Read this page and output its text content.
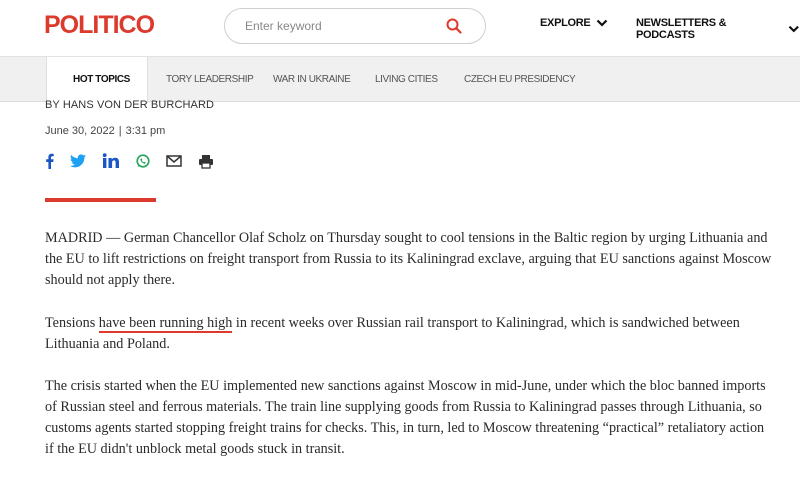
POLITICO
Enter keyword	EXPLORE	NEWSLETTERS & PODCASTS
HOT TOPICS	TORY LEADERSHIP WAR IN UKRAINE LIVING CITIES	CZECH EU PRESIDENCY
BY HANS VON DER BURCHARD
June 30, 2022 | 3:31 pm

MADRID — German Chancellor Olaf Scholz on Thursday sought to cool tensions in the Baltic region by urging Lithuania and the EU to lift restrictions on freight transport from Russia to its Kaliningrad exclave, arguing that EU sanctions against Moscow should not apply there.

Tensions have been running high in recent weeks over Russian rail transport to Kaliningrad, which is sandwiched between Lithuania and Poland.

The crisis started when the EU implemented new sanctions against Moscow in mid-June, under which the bloc banned imports of Russian steel and ferrous materials. The train line supplying goods from Russia to Kaliningrad passes through Lithuania, so customs agents started stopping freight trains for checks. This, in turn, led to Moscow threatening “practical” retaliatory action if the EU didn't unblock metal goods stuck in transit.
